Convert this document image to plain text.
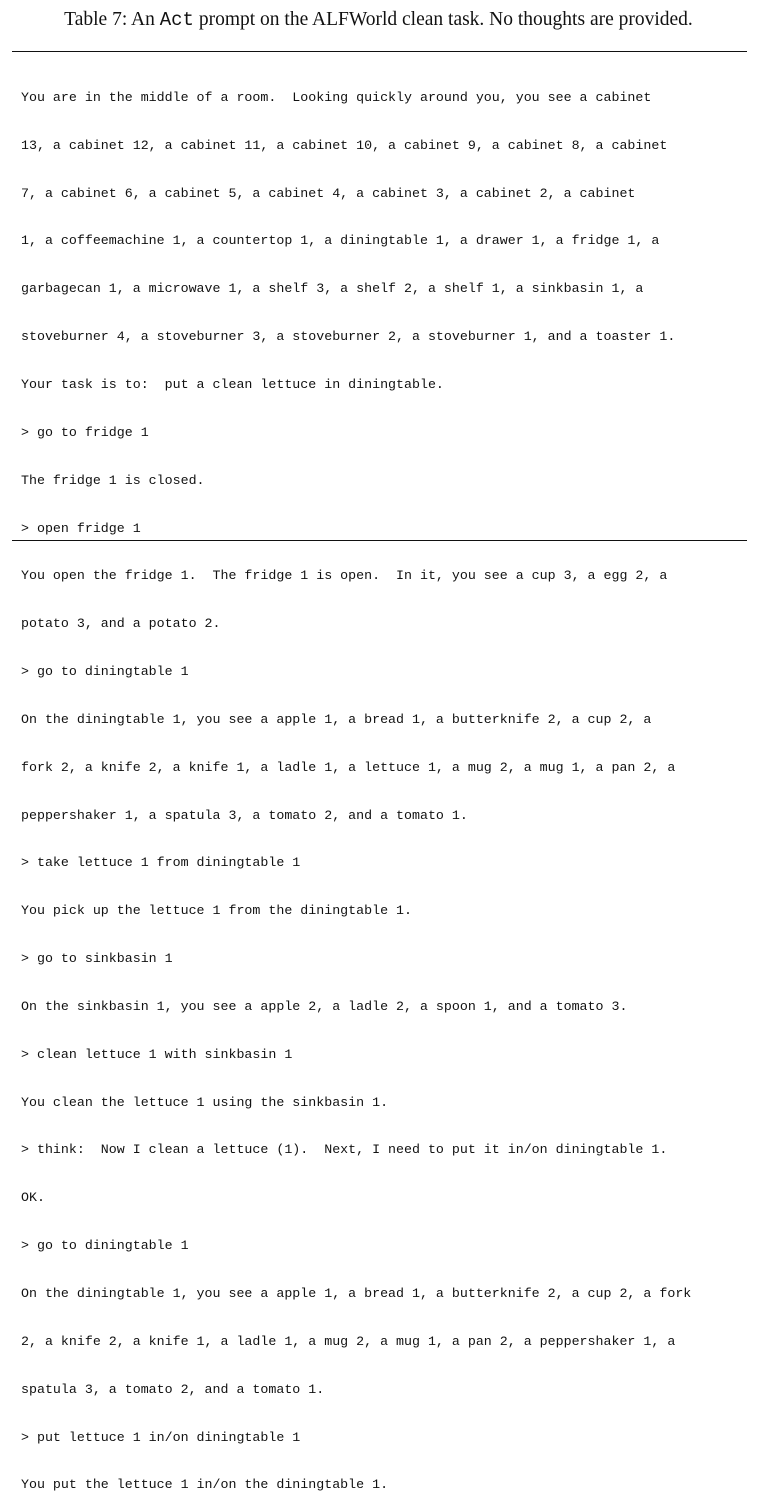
Table 7: An Act prompt on the ALFWorld clean task. No thoughts are provided.

You are in the middle of a room.  Looking quickly around you, you see a cabinet

13, a cabinet 12, a cabinet 11, a cabinet 10, a cabinet 9, a cabinet 8, a cabinet

7, a cabinet 6, a cabinet 5, a cabinet 4, a cabinet 3, a cabinet 2, a cabinet

1, a coffeemachine 1, a countertop 1, a diningtable 1, a drawer 1, a fridge 1, a

garbagecan 1, a microwave 1, a shelf 3, a shelf 2, a shelf 1, a sinkbasin 1, a

stoveburner 4, a stoveburner 3, a stoveburner 2, a stoveburner 1, and a toaster 1.

Your task is to:  put a clean lettuce in diningtable.

> go to fridge 1

The fridge 1 is closed.

> open fridge 1

You open the fridge 1.  The fridge 1 is open.  In it, you see a cup 3, a egg 2, a

potato 3, and a potato 2.

> go to diningtable 1

On the diningtable 1, you see a apple 1, a bread 1, a butterknife 2, a cup 2, a

fork 2, a knife 2, a knife 1, a ladle 1, a lettuce 1, a mug 2, a mug 1, a pan 2, a

peppershaker 1, a spatula 3, a tomato 2, and a tomato 1.

> take lettuce 1 from diningtable 1

You pick up the lettuce 1 from the diningtable 1.

> go to sinkbasin 1

On the sinkbasin 1, you see a apple 2, a ladle 2, a spoon 1, and a tomato 3.

> clean lettuce 1 with sinkbasin 1

You clean the lettuce 1 using the sinkbasin 1.

> think:  Now I clean a lettuce (1).  Next, I need to put it in/on diningtable 1.

OK.

> go to diningtable 1

On the diningtable 1, you see a apple 1, a bread 1, a butterknife 2, a cup 2, a fork

2, a knife 2, a knife 1, a ladle 1, a mug 2, a mug 1, a pan 2, a peppershaker 1, a

spatula 3, a tomato 2, and a tomato 1.

> put lettuce 1 in/on diningtable 1

You put the lettuce 1 in/on the diningtable 1.
